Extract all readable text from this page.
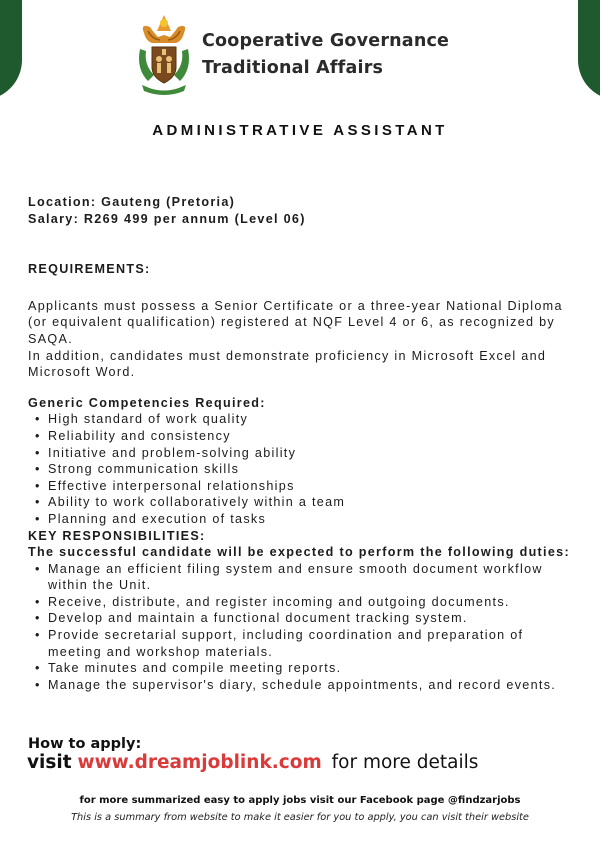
Cooperative Governance
Traditional Affairs
ADMINISTRATIVE ASSISTANT

Location: Gauteng (Pretoria)

Salary: R269 499 per annum (Level 06)

REQUIREMENTS:

Applicants must possess a Senior Certificate or a three-year National Diploma (or equivalent qualification) registered at NQF Level 4 or 6, as recognized by SAQA.

In addition, candidates must demonstrate proficiency in Microsoft Excel and Microsoft Word.

Generic Competencies Required:

• High standard of work quality
• Reliability and consistency
• Initiative and problem-solving ability
• Strong communication skills
• Effective interpersonal relationships
• Ability to work collaboratively within a team
• Planning and execution of tasks

KEY RESPONSIBILITIES:

The successful candidate will be expected to perform the following duties:

• Manage an efficient filing system and ensure smooth document workflow within the Unit.
• Receive, distribute, and register incoming and outgoing documents.
• Develop and maintain a functional document tracking system.
• Provide secretarial support, including coordination and preparation of meeting and workshop materials.
• Take minutes and compile meeting reports.
• Manage the supervisor's diary, schedule appointments, and record events.
How to apply:
visit www.dreamjoblink.com for more details
for more summarized easy to apply jobs visit our Facebook page @findzarjobs
This is a summary from website to make it easier for you to apply, you can visit their website
